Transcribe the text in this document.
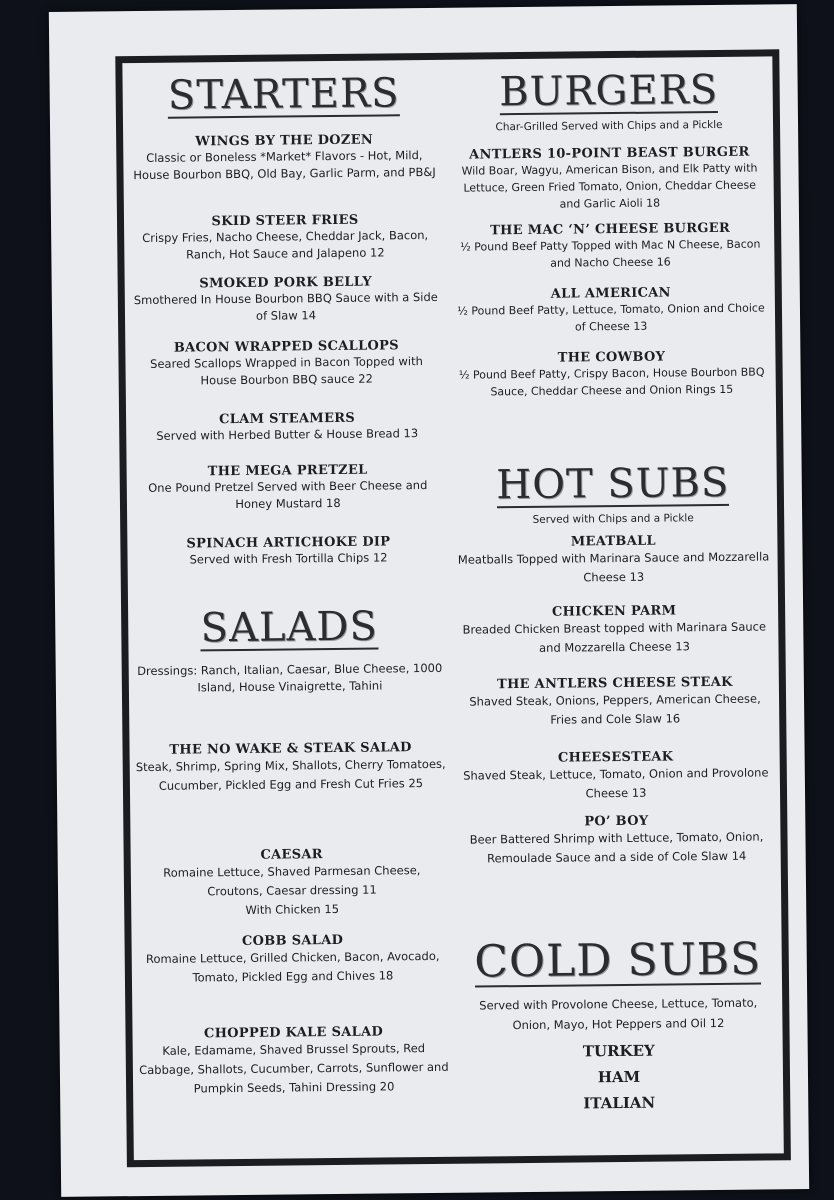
STARTERS
WINGS BY THE DOZEN
Classic or Boneless *Market* Flavors - Hot, Mild, House Bourbon BBQ, Old Bay, Garlic Parm, and PB&J
SKID STEER FRIES
Crispy Fries, Nacho Cheese, Cheddar Jack, Bacon, Ranch, Hot Sauce and Jalapeno 12
SMOKED PORK BELLY
Smothered In House Bourbon BBQ Sauce with a Side of Slaw 14
BACON WRAPPED SCALLOPS
Seared Scallops Wrapped in Bacon Topped with House Bourbon BBQ sauce 22
CLAM STEAMERS
Served with Herbed Butter & House Bread 13
THE MEGA PRETZEL
One Pound Pretzel Served with Beer Cheese and Honey Mustard 18
SPINACH ARTICHOKE DIP
Served with Fresh Tortilla Chips 12
SALADS
Dressings: Ranch, Italian, Caesar, Blue Cheese, 1000 Island, House Vinaigrette, Tahini
THE NO WAKE & STEAK SALAD
Steak, Shrimp, Spring Mix, Shallots, Cherry Tomatoes, Cucumber, Pickled Egg and Fresh Cut Fries 25
CAESAR
Romaine Lettuce, Shaved Parmesan Cheese, Croutons, Caesar dressing 11
With Chicken 15
COBB SALAD
Romaine Lettuce, Grilled Chicken, Bacon, Avocado, Tomato, Pickled Egg and Chives 18
CHOPPED KALE SALAD
Kale, Edamame, Shaved Brussel Sprouts, Red Cabbage, Shallots, Cucumber, Carrots, Sunflower and Pumpkin Seeds, Tahini Dressing 20
BURGERS
Char-Grilled Served with Chips and a Pickle
ANTLERS 10-POINT BEAST BURGER
Wild Boar, Wagyu, American Bison, and Elk Patty with Lettuce, Green Fried Tomato, Onion, Cheddar Cheese and Garlic Aioli 18
THE MAC ‘N’ CHEESE BURGER
½ Pound Beef Patty Topped with Mac N Cheese, Bacon and Nacho Cheese 16
ALL AMERICAN
½ Pound Beef Patty, Lettuce, Tomato, Onion and Choice of Cheese 13
THE COWBOY
½ Pound Beef Patty, Crispy Bacon, House Bourbon BBQ Sauce, Cheddar Cheese and Onion Rings 15
HOT SUBS
Served with Chips and a Pickle
MEATBALL
Meatballs Topped with Marinara Sauce and Mozzarella Cheese 13
CHICKEN PARM
Breaded Chicken Breast topped with Marinara Sauce and Mozzarella Cheese 13
THE ANTLERS CHEESE STEAK
Shaved Steak, Onions, Peppers, American Cheese, Fries and Cole Slaw 16
CHEESESTEAK
Shaved Steak, Lettuce, Tomato, Onion and Provolone Cheese 13
PO’ BOY
Beer Battered Shrimp with Lettuce, Tomato, Onion, Remoulade Sauce and a side of Cole Slaw 14
COLD SUBS
Served with Provolone Cheese, Lettuce, Tomato, Onion, Mayo, Hot Peppers and Oil 12
TURKEY
HAM
ITALIAN
